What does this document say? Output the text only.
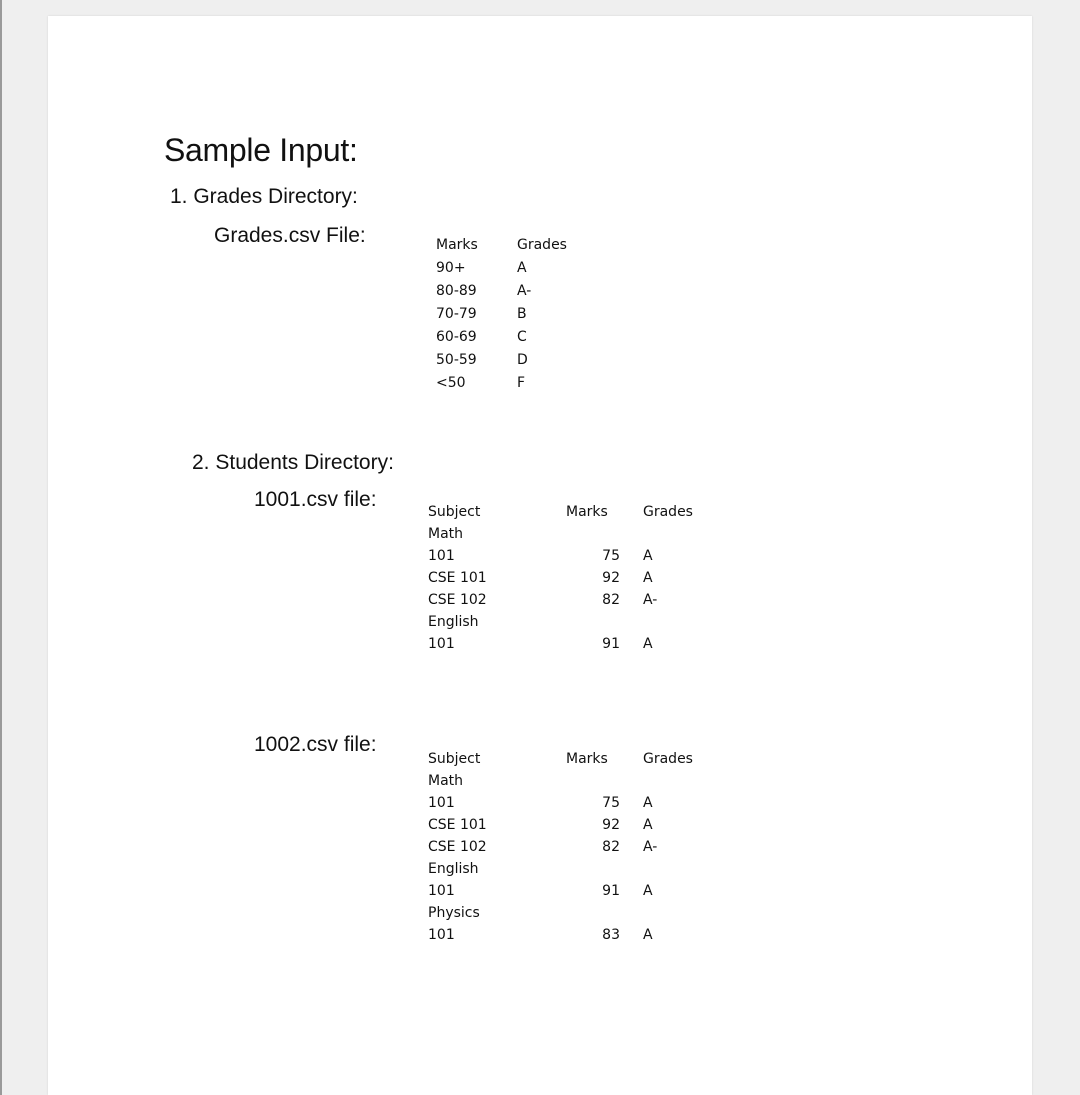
Sample Input:
1. Grades Directory:
Grades.csv File:	Marks	Grades
90+	A
80-89	A-
70-79	B
60-69	C
50-59	D
<50	F
2. Students Directory:
1001.csv file:
Subject	Marks	Grades
Math
101	75 A
CSE 101	92 A
CSE 102	82 A-
English
101	91 A
1002.csv file:
Subject	Marks	Grades
Math
101	75 A
CSE 101	92 A
CSE 102	82 A-
English
101	91 A
Physics
101	83 A
